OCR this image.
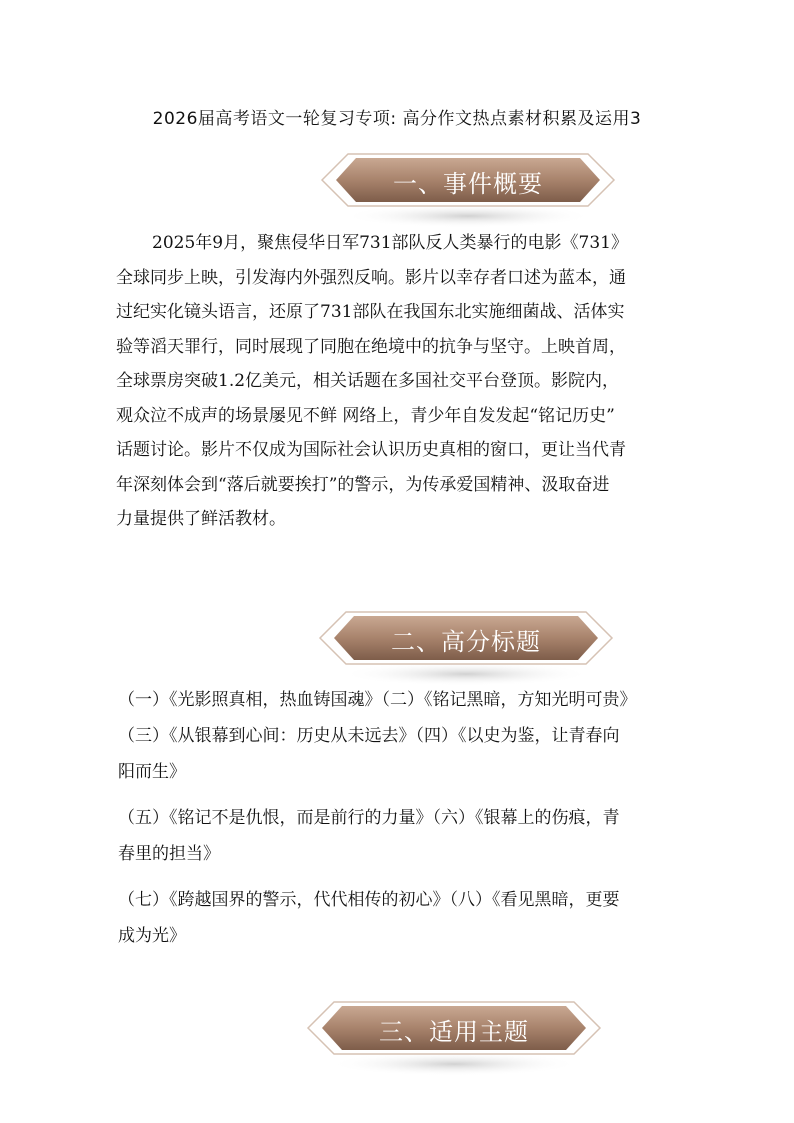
2026届高考语文一轮复习专项: 高分作文热点素材积累及运用3
一、事件概要
2025年9月，聚焦侵华日军731部队反人类暴行的电影《731》
全球同步上映，引发海内外强烈反响。影片以幸存者口述为蓝本，通
过纪实化镜头语言，还原了731部队在我国东北实施细菌战、活体实
验等滔天罪行，同时展现了同胞在绝境中的抗争与坚守。上映首周，
全球票房突破1.2亿美元，相关话题在多国社交平台登顶。影院内，
观众泣不成声的场景屡见不鲜 网络上，青少年自发发起“铭记历史”
话题讨论。影片不仅成为国际社会认识历史真相的窗口，更让当代青
年深刻体会到“落后就要挨打”的警示，为传承爱国精神、汲取奋进
力量提供了鲜活教材。
二、高分标题
（一）《光影照真相，热血铸国魂》（二）《铭记黑暗，方知光明可贵》
（三）《从银幕到心间：历史从未远去》（四）《以史为鉴，让青春向
阳而生》
（五）《铭记不是仇恨，而是前行的力量》（六）《银幕上的伤痕，青
春里的担当》
（七）《跨越国界的警示，代代相传的初心》（八）《看见黑暗，更要
成为光》
三、适用主题
